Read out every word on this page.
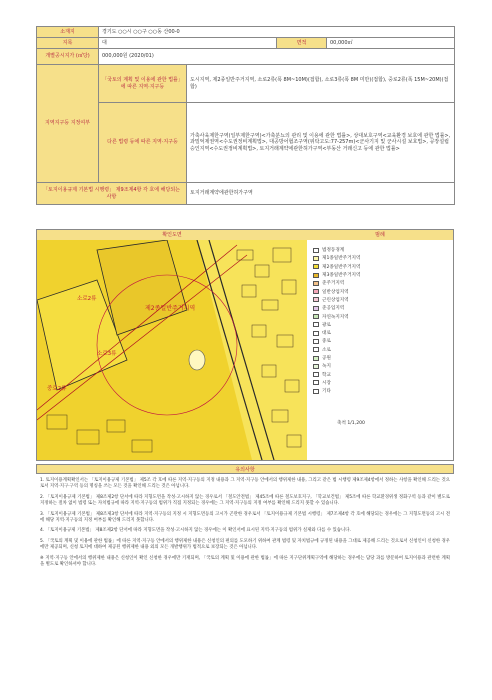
소재지	경기도 ○○시 ○○구 ○○동 산00-0			
지목	대		면적	00,000㎡
개별공시지가 (㎡당)	000,000원 (2020/01)			
지역지구등 지정여부	「국토의 계획 및 이용에 관한 법률」에 따른 지역·지구등	도시지역, 제2종일반주거지역, 소로2류(폭 8M~10M)(접합), 소로3류(폭 8M 미만)(접합), 중로2류(폭 15M~20M)(접합)		
	다른 법령 등에 따른 지역·지구등	가축사육제한구역(일부제한구역)<가축분뇨의 관리 및 이용에 관한 법률>, 상대보호구역<교육환경 보호에 관한 법률>, 과밀억제권역<수도권정비계획법>, 대공방어협조구역(위탁고도:77-257m)<군사기지 및 군사시설 보호법>, 공장설립승인지역<수도권정비계획법>, 토지거래계약에관한허가구역<부동산 거래신고 등에 관한 법률>		
「토지이용규제 기본법 시행령」 제9조제4항 각 호에 해당되는 사항		토지거래계약에관한허가구역		
확인도면	범례
제2종일반주거지역
소로2류
중로2류
소로3류
법정동경계
제1종일반주거지역
제2종일반주거지역
제3종일반주거지역
준주거지역
일반상업지역
근린상업지역
준공업지역
자연녹지지역
광로
대로
중로
소로
공원
녹지
학교
시장
기타
축척 1/1,200
유의사항

1. 토지이용계획확인서는 「토지이용규제 기본법」 제5조 각 호에 따른 지역·지구등의 지정 내용과 그 지역·지구등 안에서의 행위제한 내용, 그리고 같은 법 시행령 제9조제4항에서 정하는 사항을 확인해 드리는 것으로서 지역·지구·구역 등의 명칭을 쓰는 모든 것을 확인해 드리는 것은 아닙니다.

2. 「토지이용규제 기본법」 제8조제2항 단서에 따라 지형도면을 작성·고시하지 않는 경우로서 「철도안전법」 제45조에 따른 철도보호지구, 「학교보건법」 제5조에 따른 학교환경위생 정화구역 등과 같이 별도로 지정하는 절차 없이 법령 또는 자치법규에 따라 지역·지구등의 범위가 직접 지정되는 경우에는 그 지역·지구등의 지정 여부를 확인해 드리지 못할 수 있습니다.

3. 「토지이용규제 기본법」 제8조제3항 단서에 따라 지역·지구등의 지정 시 지형도면등의 고시가 곤란한 경우로서 「토지이용규제 기본법 시행령」 제7조제4항 각 호에 해당되는 경우에는 그 지형도면등의 고시 전에 해당 지역·지구등의 지정 여부를 확인해 드리지 못합니다.

4. 「토지이용규제 기본법」 제8조제2항 단서에 따라 지형도면을 작성·고시하지 않는 경우에는 이 확인서에 표시된 지역·지구등의 범위가 실제와 다를 수 있습니다.

5. 「국토의 계획 및 이용에 관한 법률」에 따른 지역·지구등 안에서의 행위제한 내용은 신청인의 편의를 도모하기 위하여 관계 법령 및 자치법규에 규정된 내용을 그대로 제공해 드리는 것으로서 신청인이 신청한 경우에만 제공되며, 신청 토지에 대하여 제공된 행위제한 내용 외의 모든 개발행위가 법적으로 보장되는 것은 아닙니다.

※ 지역·지구등 안에서의 행위제한 내용은 신청인이 확인 신청한 경우에만 기재되며, 「국토의 계획 및 이용에 관한 법률」에 따른 지구단위계획구역에 해당하는 경우에는 담당 과를 방문하여 토지이용과 관련한 계획을 별도로 확인하셔야 합니다.
